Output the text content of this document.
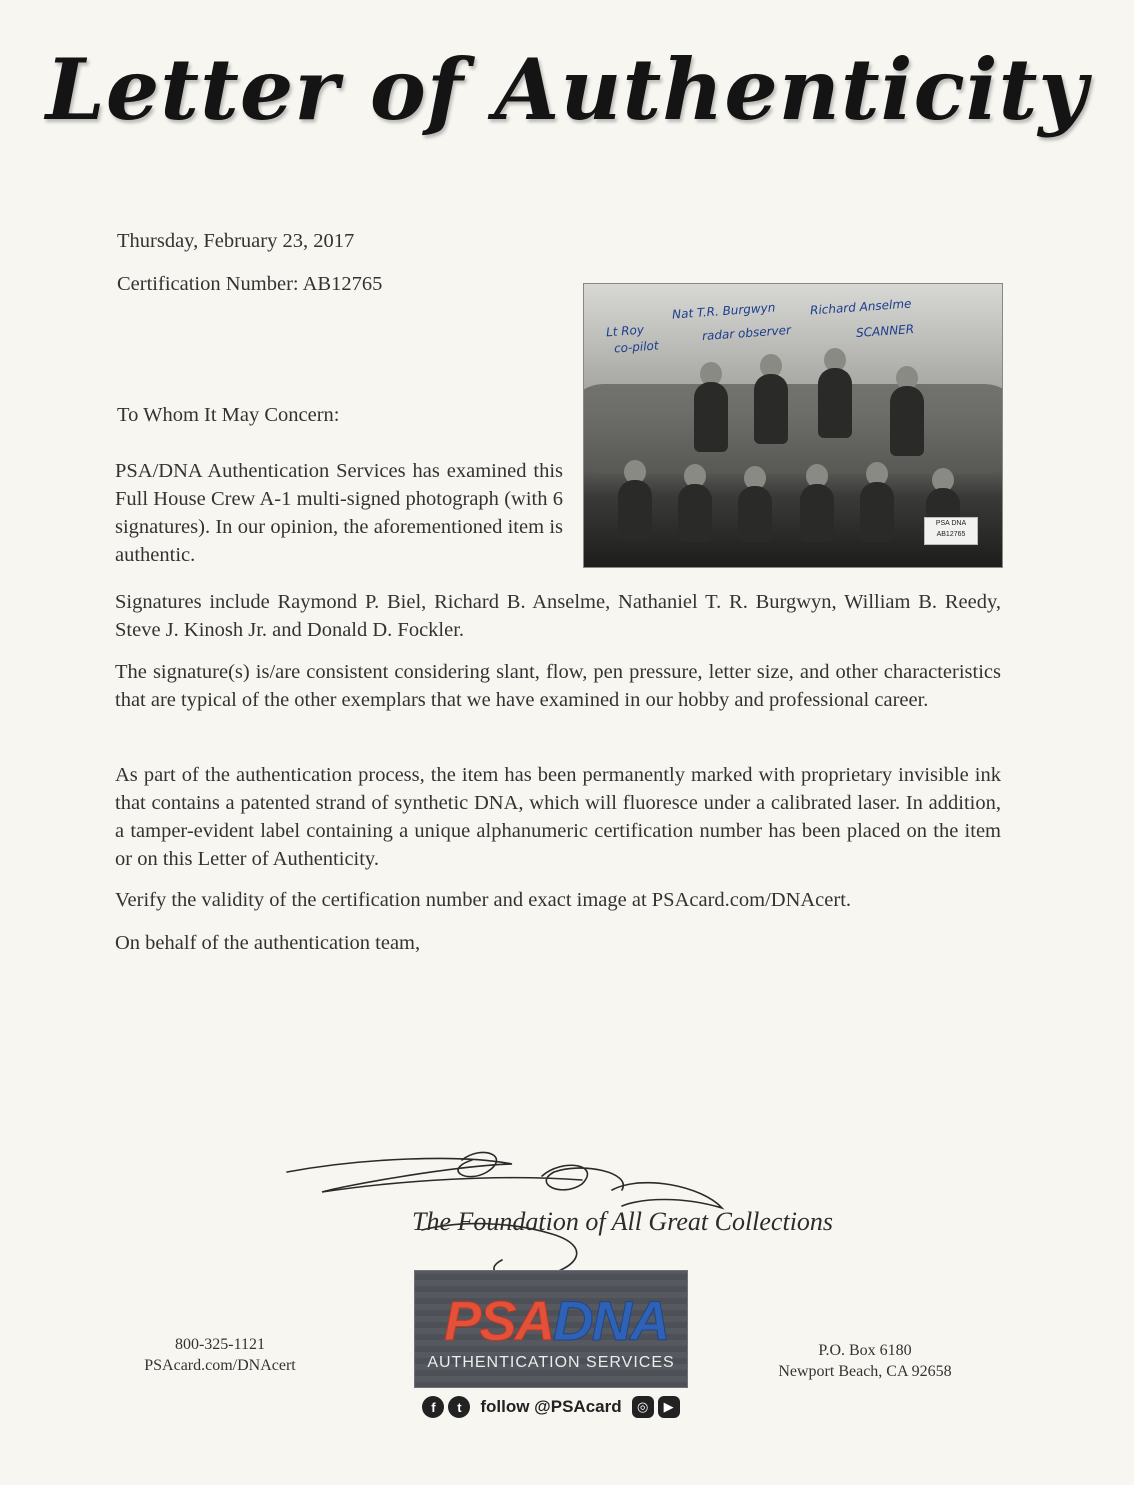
Letter of Authenticity
Thursday, February 23, 2017
Certification Number: AB12765
Lt Roy
co-pilot
Nat T.R. Burgwyn
radar observer
Richard Anselme
SCANNER
PSA DNA
AB12765
To Whom It May Concern:
PSA/DNA Authentication Services has examined this Full House Crew A-1 multi-signed photograph (with 6 signatures). In our opinion, the aforementioned item is authentic.
Signatures include Raymond P. Biel, Richard B. Anselme, Nathaniel T. R. Burgwyn, William B. Reedy, Steve J. Kinosh Jr. and Donald D. Fockler.
The signature(s) is/are consistent considering slant, flow, pen pressure, letter size, and other characteristics that are typical of the other exemplars that we have examined in our hobby and professional career.
As part of the authentication process, the item has been permanently marked with proprietary invisible ink that contains a patented strand of synthetic DNA, which will fluoresce under a calibrated laser. In addition, a tamper-evident label containing a unique alphanumeric certification number has been placed on the item or on this Letter of Authenticity.
Verify the validity of the certification number and exact image at PSAcard.com/DNAcert.
On behalf of the authentication team,
The Foundation of All Great Collections
800-325-1121
PSAcard.com/DNAcert
PSA DNA
AUTHENTICATION SERVICES
f	t	follow @PSAcard	◎	▶
P.O. Box 6180
Newport Beach, CA 92658
